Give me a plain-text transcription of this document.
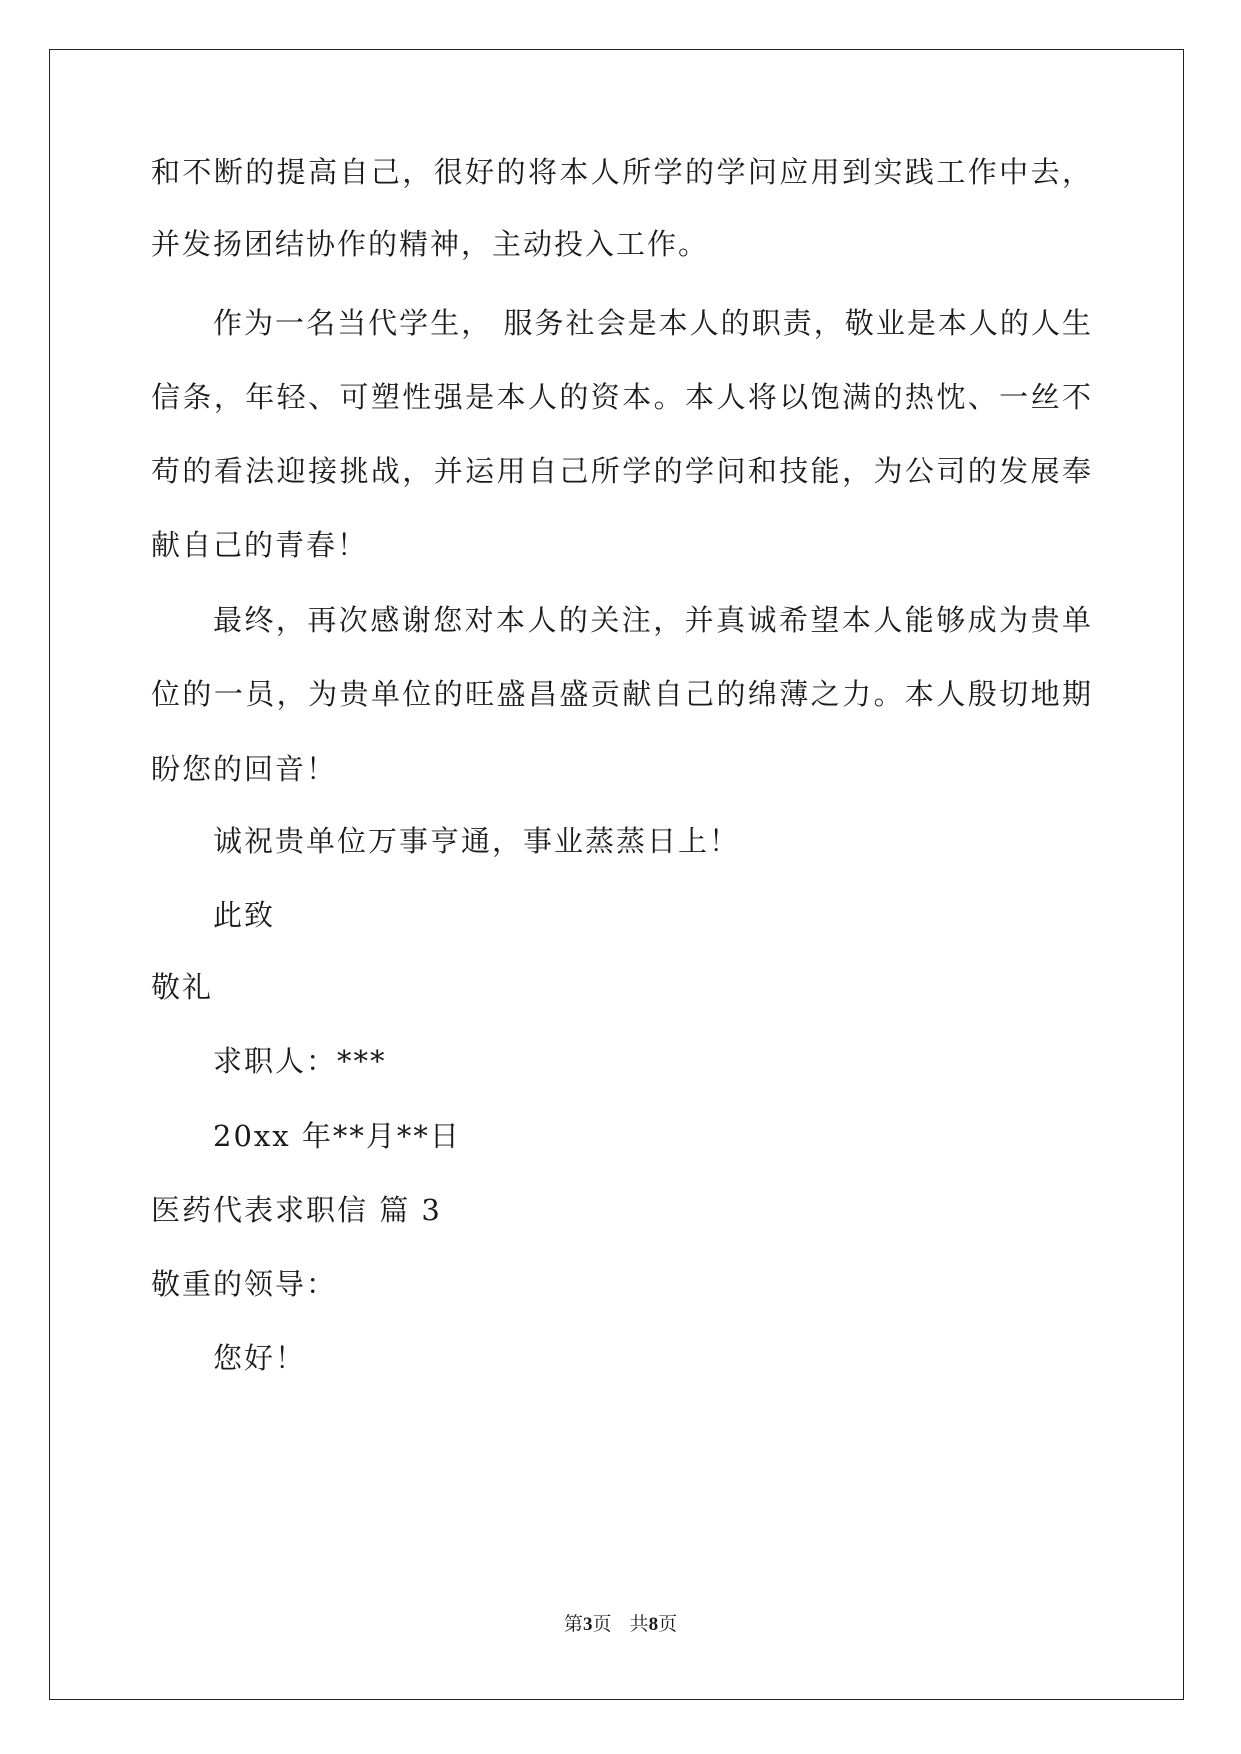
和不断的提高自己，很好的将本人所学的学问应用到实践工作中去，
并发扬团结协作的精神，主动投入工作。
作为一名当代学生， 服务社会是本人的职责，敬业是本人的人生
信条，年轻、可塑性强是本人的资本。本人将以饱满的热忱、一丝不
苟的看法迎接挑战，并运用自己所学的学问和技能，为公司的发展奉
献自己的青春！
最终，再次感谢您对本人的关注，并真诚希望本人能够成为贵单
位的一员，为贵单位的旺盛昌盛贡献自己的绵薄之力。本人殷切地期
盼您的回音！
诚祝贵单位万事亨通，事业蒸蒸日上！
此致
敬礼
求职人：***
20xx 年**月**日
医药代表求职信 篇 3
敬重的领导：
您好！
第3页   共8页
